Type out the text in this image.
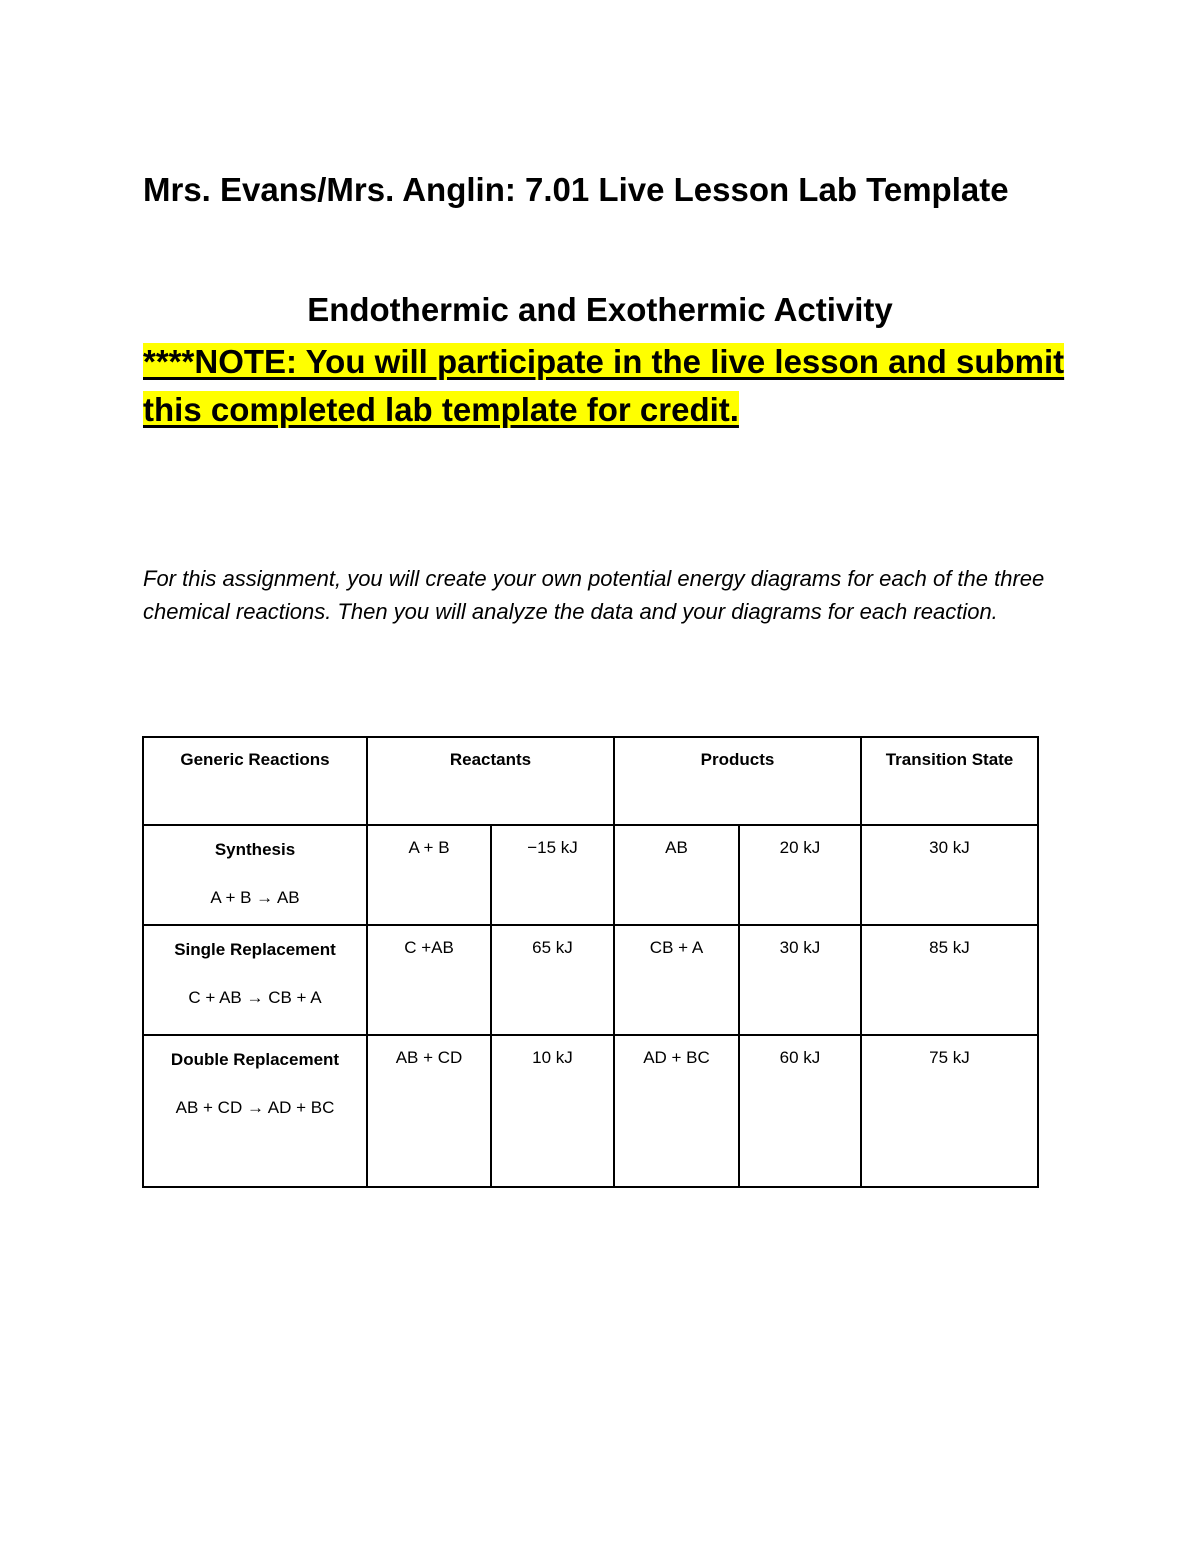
Mrs. Evans/Mrs. Anglin: 7.01 Live Lesson Lab Template
Endothermic and Exothermic Activity

****NOTE: You will participate in the live lesson and submit this completed lab template for credit.

For this assignment, you will create your own potential energy diagrams for each of the three chemical reactions. Then you will analyze the data and your diagrams for each reaction.

Generic Reactions	Reactants		Products		Transition State

Synthesis
A + B → AB	A + B	−15 kJ	AB	20 kJ	30 kJ

Single Replacement
C + AB → CB + A	C +AB	65 kJ	CB + A	30 kJ	85 kJ

Double Replacement
AB + CD → AD + BC	AB + CD	10 kJ	AD + BC	60 kJ	75 kJ
